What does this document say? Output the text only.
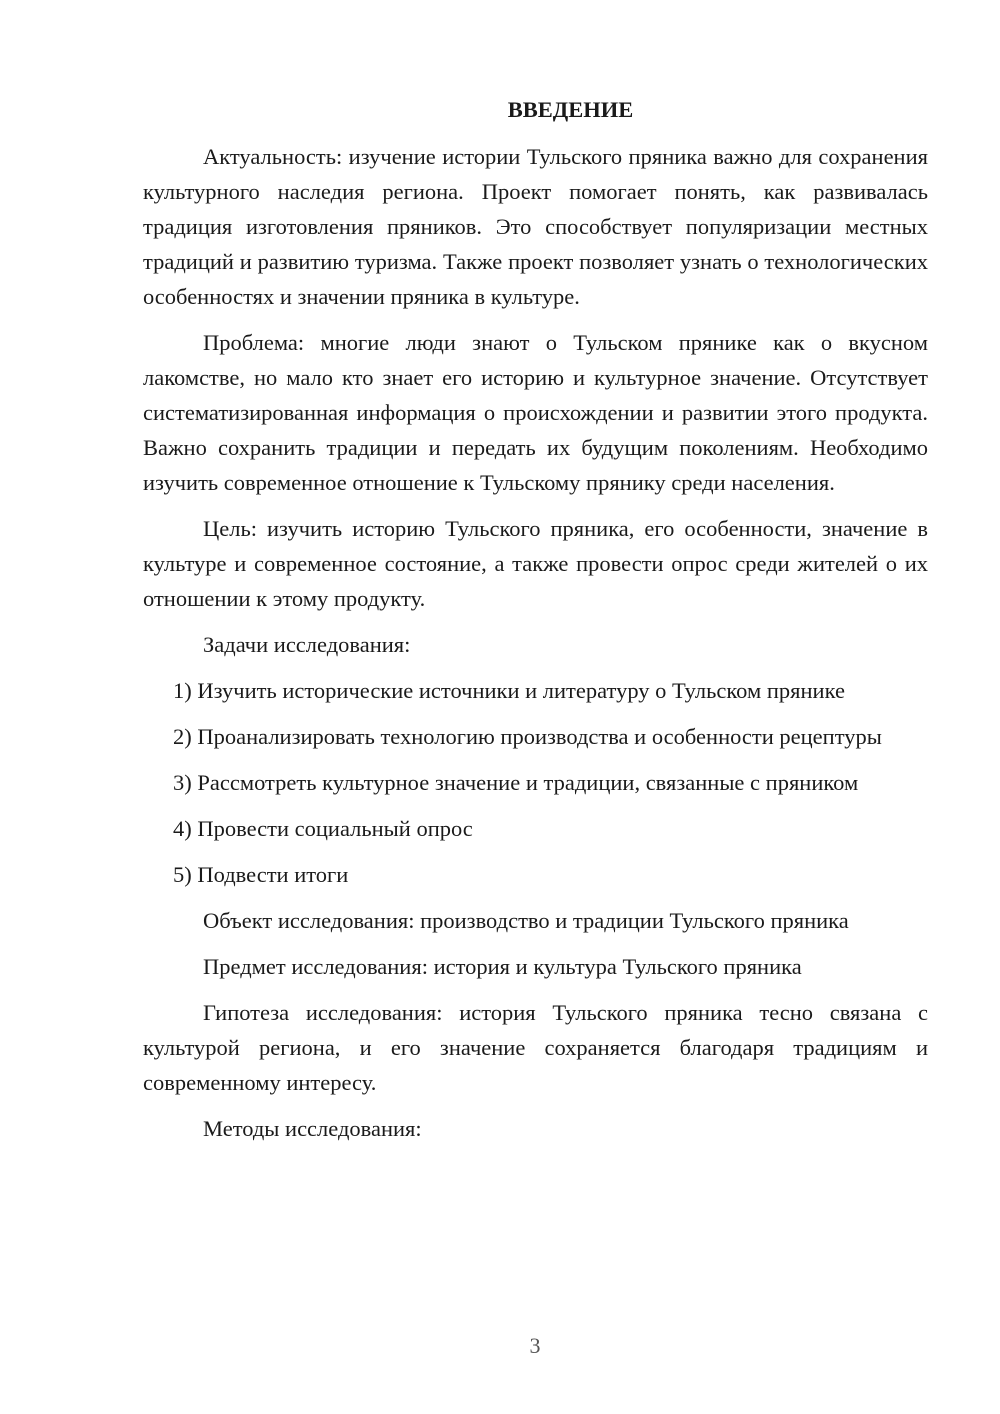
ВВЕДЕНИЕ

Актуальность: изучение истории Тульского пряника важно для сохранения культурного наследия региона. Проект помогает понять, как развивалась традиция изготовления пряников. Это способствует популяризации местных традиций и развитию туризма. Также проект позволяет узнать о технологических особенностях и значении пряника в культуре.

Проблема: многие люди знают о Тульском прянике как о вкусном лакомстве, но мало кто знает его историю и культурное значение. Отсутствует систематизированная информация о происхождении и развитии этого продукта. Важно сохранить традиции и передать их будущим поколениям. Необходимо изучить современное отношение к Тульскому прянику среди населения.

Цель: изучить историю Тульского пряника, его особенности, значение в культуре и современное состояние, а также провести опрос среди жителей о их отношении к этому продукту.

Задачи исследования:

1) Изучить исторические источники и литературу о Тульском прянике

2) Проанализировать технологию производства и особенности рецептуры

3) Рассмотреть культурное значение и традиции, связанные с пряником

4) Провести социальный опрос

5) Подвести итоги

Объект исследования: производство и традиции Тульского пряника

Предмет исследования: история и культура Тульского пряника

Гипотеза исследования: история Тульского пряника тесно связана с культурой региона, и его значение сохраняется благодаря традициям и современному интересу.

Методы исследования:

3
